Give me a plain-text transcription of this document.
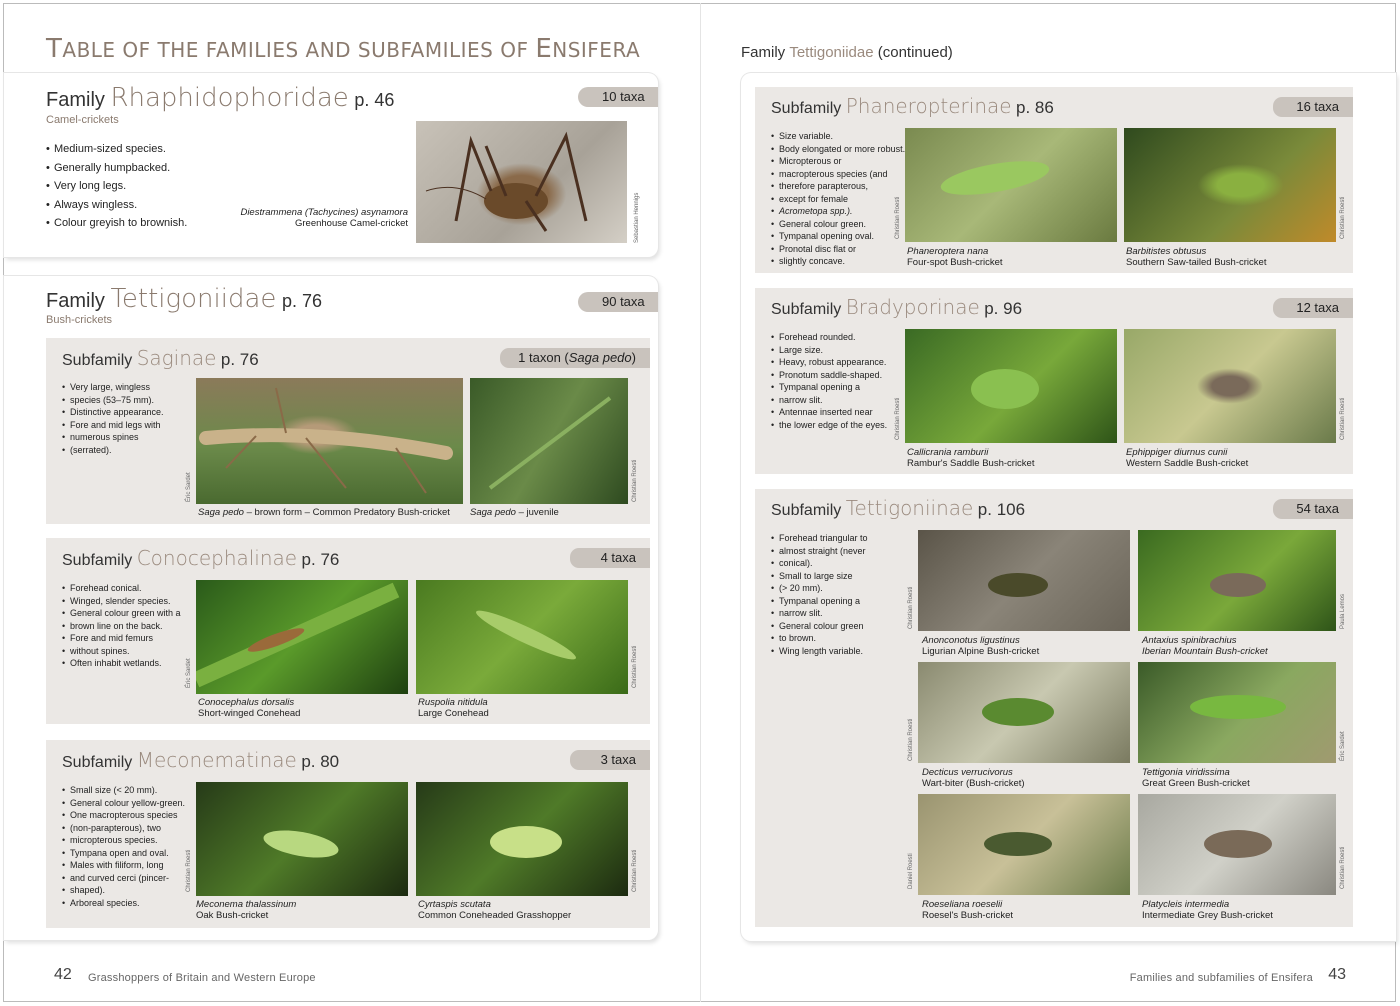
TABLE OF THE FAMILIES AND SUBFAMILIES OF ENSIFERA	Family Tettigoniidae (continued)
Family Rhaphidophoridae p. 46
Camel-crickets
10 taxa
• Medium-sized species.
• Generally humpbacked.
• Very long legs.
• Always wingless.
• Colour greyish to brownish.
Diestrammena (Tachycines) asynamora
Greenhouse Camel-cricket	Sebastian Hennigs
Family Tettigoniidae p. 76
Bush-crickets
90 taxa
Subfamily Saginae p. 76	1 taxon (Saga pedo)
• Very large, wingless
• species (53–75 mm).
• Distinctive appearance.
• Fore and mid legs with
• numerous spines
• (serrated).
Éric Sardet	Christian Roesti
Saga pedo – brown form – Common Predatory Bush-cricket Saga pedo – juvenile
Subfamily Conocephalinae p. 76	4 taxa
• Forehead conical.
• Winged, slender species.
• General colour green with a
• brown line on the back.
• Fore and mid femurs
• without spines.
• Often inhabit wetlands.	Éric Sardet	Christian Roesti
Conocephalus dorsalis
Short-winged Conehead
Ruspolia nitidula
Large Conehead
Subfamily Meconematinae p. 80	3 taxa
• Small size (< 20 mm).
• General colour yellow-green.
• One macropterous species
• (non-parapterous), two
• micropterous species.
• Tympana open and oval.
• Males with filiform, long
• and curved cerci (pincer-
• shaped).
• Arboreal species.
Christian Roesti	Christian Roesti
Meconema thalassinum
Oak Bush-cricket
Cyrtaspis scutata
Common Coneheaded Grasshopper
Subfamily Phaneropterinae p. 86	16 taxa
• Size variable.
• Body elongated or more robust.
• Micropterous or
• macropterous species (and
• therefore parapterous,
• except for female
• Acrometopa spp.).
• General colour green.
• Tympanal opening oval.
• Pronotal disc flat or
• slightly concave.
Christian Roesti	Christian Roesti
Phaneroptera nana
Four-spot Bush-cricket
Barbitistes obtusus
Southern Saw-tailed Bush-cricket
Subfamily Bradyporinae p. 96	12 taxa
• Forehead rounded.
• Large size.
• Heavy, robust appearance.
• Pronotum saddle-shaped.
• Tympanal opening a
• narrow slit.
• Antennae inserted near
• the lower edge of the eyes. Christian Roesti	Christian Roesti
Callicrania ramburii
Rambur's Saddle Bush-cricket
Ephippiger diurnus cunii
Western Saddle Bush-cricket
Subfamily Tettigoniinae p. 106	54 taxa
• Forehead triangular to
• almost straight (never
• conical).
• Small to large size
• (> 20 mm).
• Tympanal opening a
• narrow slit.
• General colour green
• to brown.
• Wing length variable.
Christian Roesti	Paula Lemos
Anonconotus ligustinus
Ligurian Alpine Bush-cricket
Antaxius spinibrachius
Iberian Mountain Bush-cricket
Christian Roesti	Éric Sardet
Decticus verrucivorus
Wart-biter (Bush-cricket)
Tettigonia viridissima
Great Green Bush-cricket
Daniel Roesti	Christian Roesti
Roeseliana roeselii
Roesel's Bush-cricket
Platycleis intermedia
Intermediate Grey Bush-cricket
42 Grasshoppers of Britain and Western Europe	Families and subfamilies of Ensifera 43
